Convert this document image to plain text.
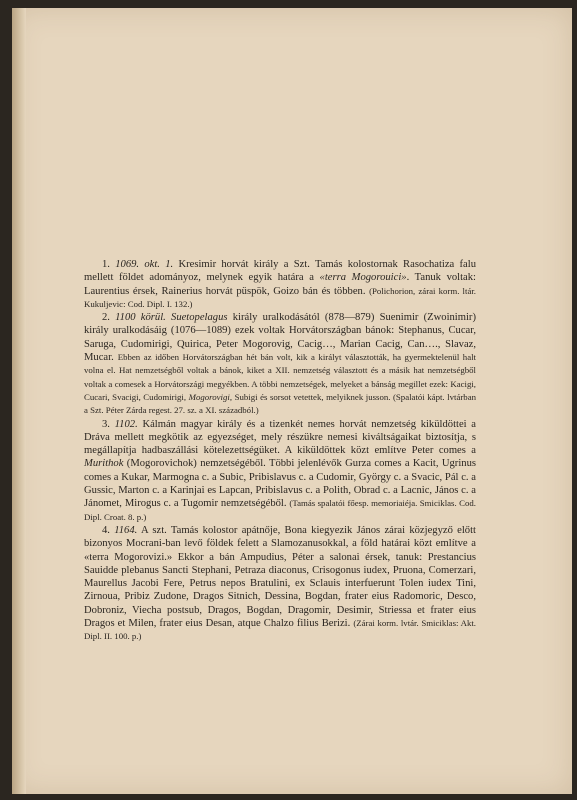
1. 1069. okt. 1. Kresimir horvát király a Szt. Tamás kolostornak Rasochatiza falu mellett földet adományoz, melynek egyik határa a «terra Mogorouici». Tanuk voltak: Laurentius érsek, Rainerius horvát püspök, Goizo bán és többen. (Polichorion, zárai korm. ltár. Kukuljevic: Cod. Dipl. I. 132.)

2. 1100 körül. Suetopelagus király uralkodásától (878—879) Suenimir (Zwoinimir) király uralkodásáig (1076—1089) ezek voltak Horvátországban bánok: Stephanus, Cucar, Saruga, Cudomirigi, Quirica, Peter Mogorovig, Cacig…, Marian Cacig, Can…., Slavaz, Mucar. Ebben az időben Horvátországban hét bán volt, kik a királyt választották, ha gyermektelenül halt volna el. Hat nemzetségből voltak a bánok, kiket a XII. nemzetség választott és a másik hat nemzetségből voltak a comesek a Horvátországi megyékben. A többi nemzetségek, melyeket a bánság megillet ezek: Kacigi, Cucari, Svacigi, Cudomirigi, Mogorovigi, Subigi és sorsot vetettek, melyiknek jusson. (Spalatói kápt. lvtárban a Szt. Péter Zárda regest. 27. sz. a XI. századból.)

3. 1102. Kálmán magyar király és a tizenkét nemes horvát nemzetség kiküldöttei a Dráva mellett megkötik az egyezséget, mely részükre nemesi kiváltságaikat biztosítja, s megállapítja hadbaszállási kötelezettségüket. A kiküldöttek közt említve Peter comes a Murithok (Mogorovichok) nemzetségéből. Többi jelenlévők Gurza comes a Kacit, Ugrinus comes a Kukar, Marmogna c. a Subic, Pribislavus c. a Cudomir, György c. a Svacic, Pál c. a Gussic, Marton c. a Karinjai es Lapcan, Pribislavus c. a Polith, Obrad c. a Lacnic, János c. a Jánomet, Mirogus c. a Tugomir nemzetségéből. (Tamás spalatói főesp. memoriaiéja. Smiciklas. Cod. Dipl. Croat. 8. p.)

4. 1164. A szt. Tamás kolostor apátnője, Bona kiegyezik János zárai közjegyző előtt bizonyos Mocrani-ban levő földek felett a Slamozanusokkal, a föld határai közt említve a «terra Mogorovizi.» Ekkor a bán Ampudius, Péter a salonai érsek, tanuk: Prestancius Sauidde plebanus Sancti Stephani, Petraza diaconus, Crisogonus iudex, Pruona, Comerzari, Maurellus Jacobi Fere, Petrus nepos Bratulini, ex Sclauis interfuerunt Tolen iudex Tini, Zirnoua, Pribiz Zudone, Dragos Sitnich, Dessina, Bogdan, frater eius Radomoric, Desco, Dobroniz, Viecha postsub, Dragos, Bogdan, Dragomir, Desimir, Striessa et frater eius Dragos et Milen, frater eius Desan, atque Chalzo filius Berizi. (Zárai korm. lvtár. Smiciklas: Akt. Dipl. II. 100. p.)
